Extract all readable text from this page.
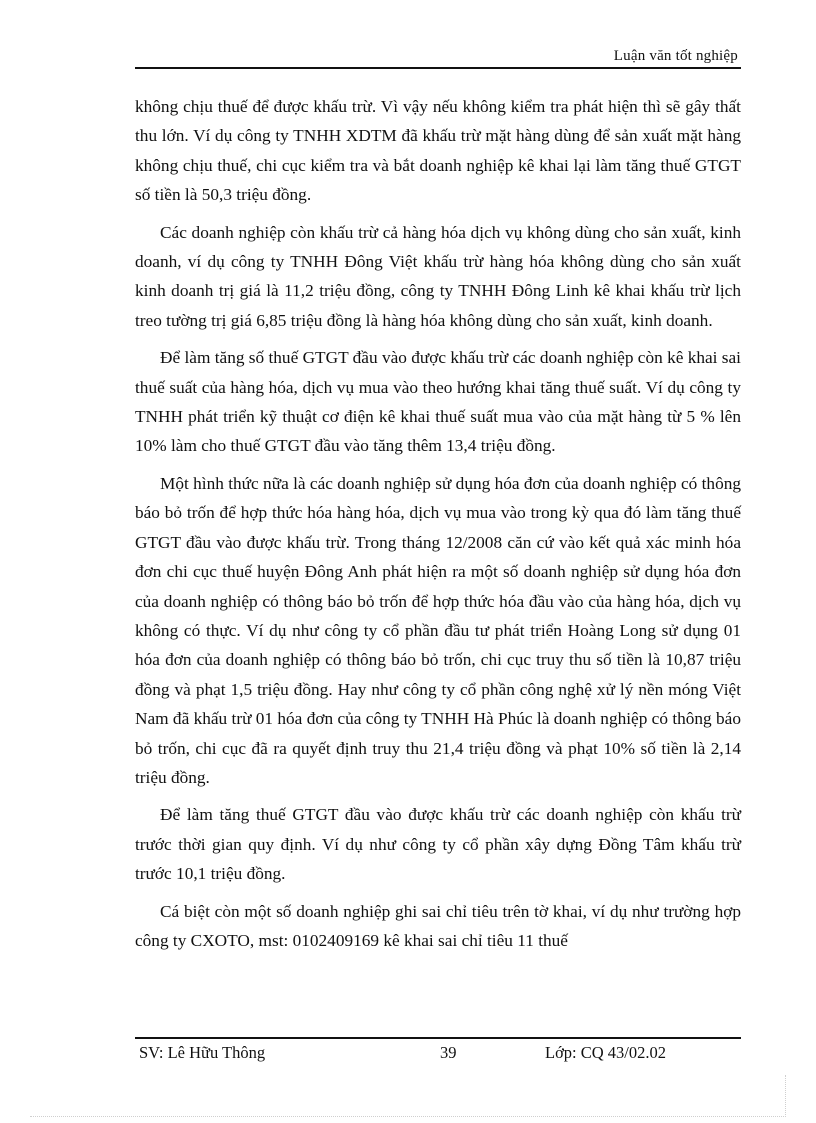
Luận văn tốt nghiệp

không chịu thuế để được khấu trừ. Vì vậy nếu không kiểm tra phát hiện thì sẽ gây thất thu lớn. Ví dụ công ty TNHH XDTM đã khấu trừ mặt hàng dùng để sản xuất mặt hàng không chịu thuế, chi cục kiểm tra và bắt doanh nghiệp kê khai lại làm tăng thuế GTGT số tiền là 50,3 triệu đồng.

Các doanh nghiệp còn khấu trừ cả hàng hóa dịch vụ không dùng cho sản xuất, kinh doanh, ví dụ công ty TNHH Đông Việt khấu trừ hàng hóa không dùng cho sản xuất kinh doanh trị giá là 11,2 triệu đồng, công ty TNHH Đông Linh kê khai khấu trừ lịch treo tường trị giá 6,85 triệu đồng là hàng hóa không dùng cho sản xuất, kinh doanh.

Để làm tăng số thuế GTGT đầu vào được khấu trừ các doanh nghiệp còn kê khai sai thuế suất của hàng hóa, dịch vụ mua vào theo hướng khai tăng thuế suất. Ví dụ công ty TNHH phát triển kỹ thuật cơ điện kê khai thuế suất mua vào của mặt hàng từ 5 % lên 10% làm cho thuế GTGT đầu vào tăng thêm 13,4 triệu đồng.

Một hình thức nữa là các doanh nghiệp sử dụng hóa đơn của doanh nghiệp có thông báo bỏ trốn để hợp thức hóa hàng hóa, dịch vụ mua vào trong kỳ qua đó làm tăng thuế GTGT đầu vào được khấu trừ. Trong tháng 12/2008 căn cứ vào kết quả xác minh hóa đơn chi cục thuế huyện Đông Anh phát hiện ra một số doanh nghiệp sử dụng hóa đơn của doanh nghiệp có thông báo bỏ trốn để hợp thức hóa đầu vào của hàng hóa, dịch vụ không có thực. Ví dụ như công ty cổ phần đầu tư phát triển Hoàng Long sử dụng 01 hóa đơn của doanh nghiệp có thông báo bỏ trốn, chi cục truy thu số tiền là 10,87 triệu đồng và phạt 1,5 triệu đồng. Hay như công ty cổ phần công nghệ xử lý nền móng Việt Nam đã khấu trừ 01 hóa đơn của công ty TNHH Hà Phúc là doanh nghiệp có thông báo bỏ trốn, chi cục đã ra quyết định truy thu 21,4 triệu đồng và phạt 10% số tiền là 2,14 triệu đồng.

Để làm tăng thuế GTGT đầu vào được khấu trừ các doanh nghiệp còn khấu trừ trước thời gian quy định. Ví dụ như công ty cổ phần xây dựng Đồng Tâm khấu trừ trước 10,1 triệu đồng.

Cá biệt còn một số doanh nghiệp ghi sai chỉ tiêu trên tờ khai, ví dụ như trường hợp công ty CXOTO, mst: 0102409169 kê khai sai chỉ tiêu 11 thuế

SV: Lê Hữu Thông	39	Lớp: CQ 43/02.02
